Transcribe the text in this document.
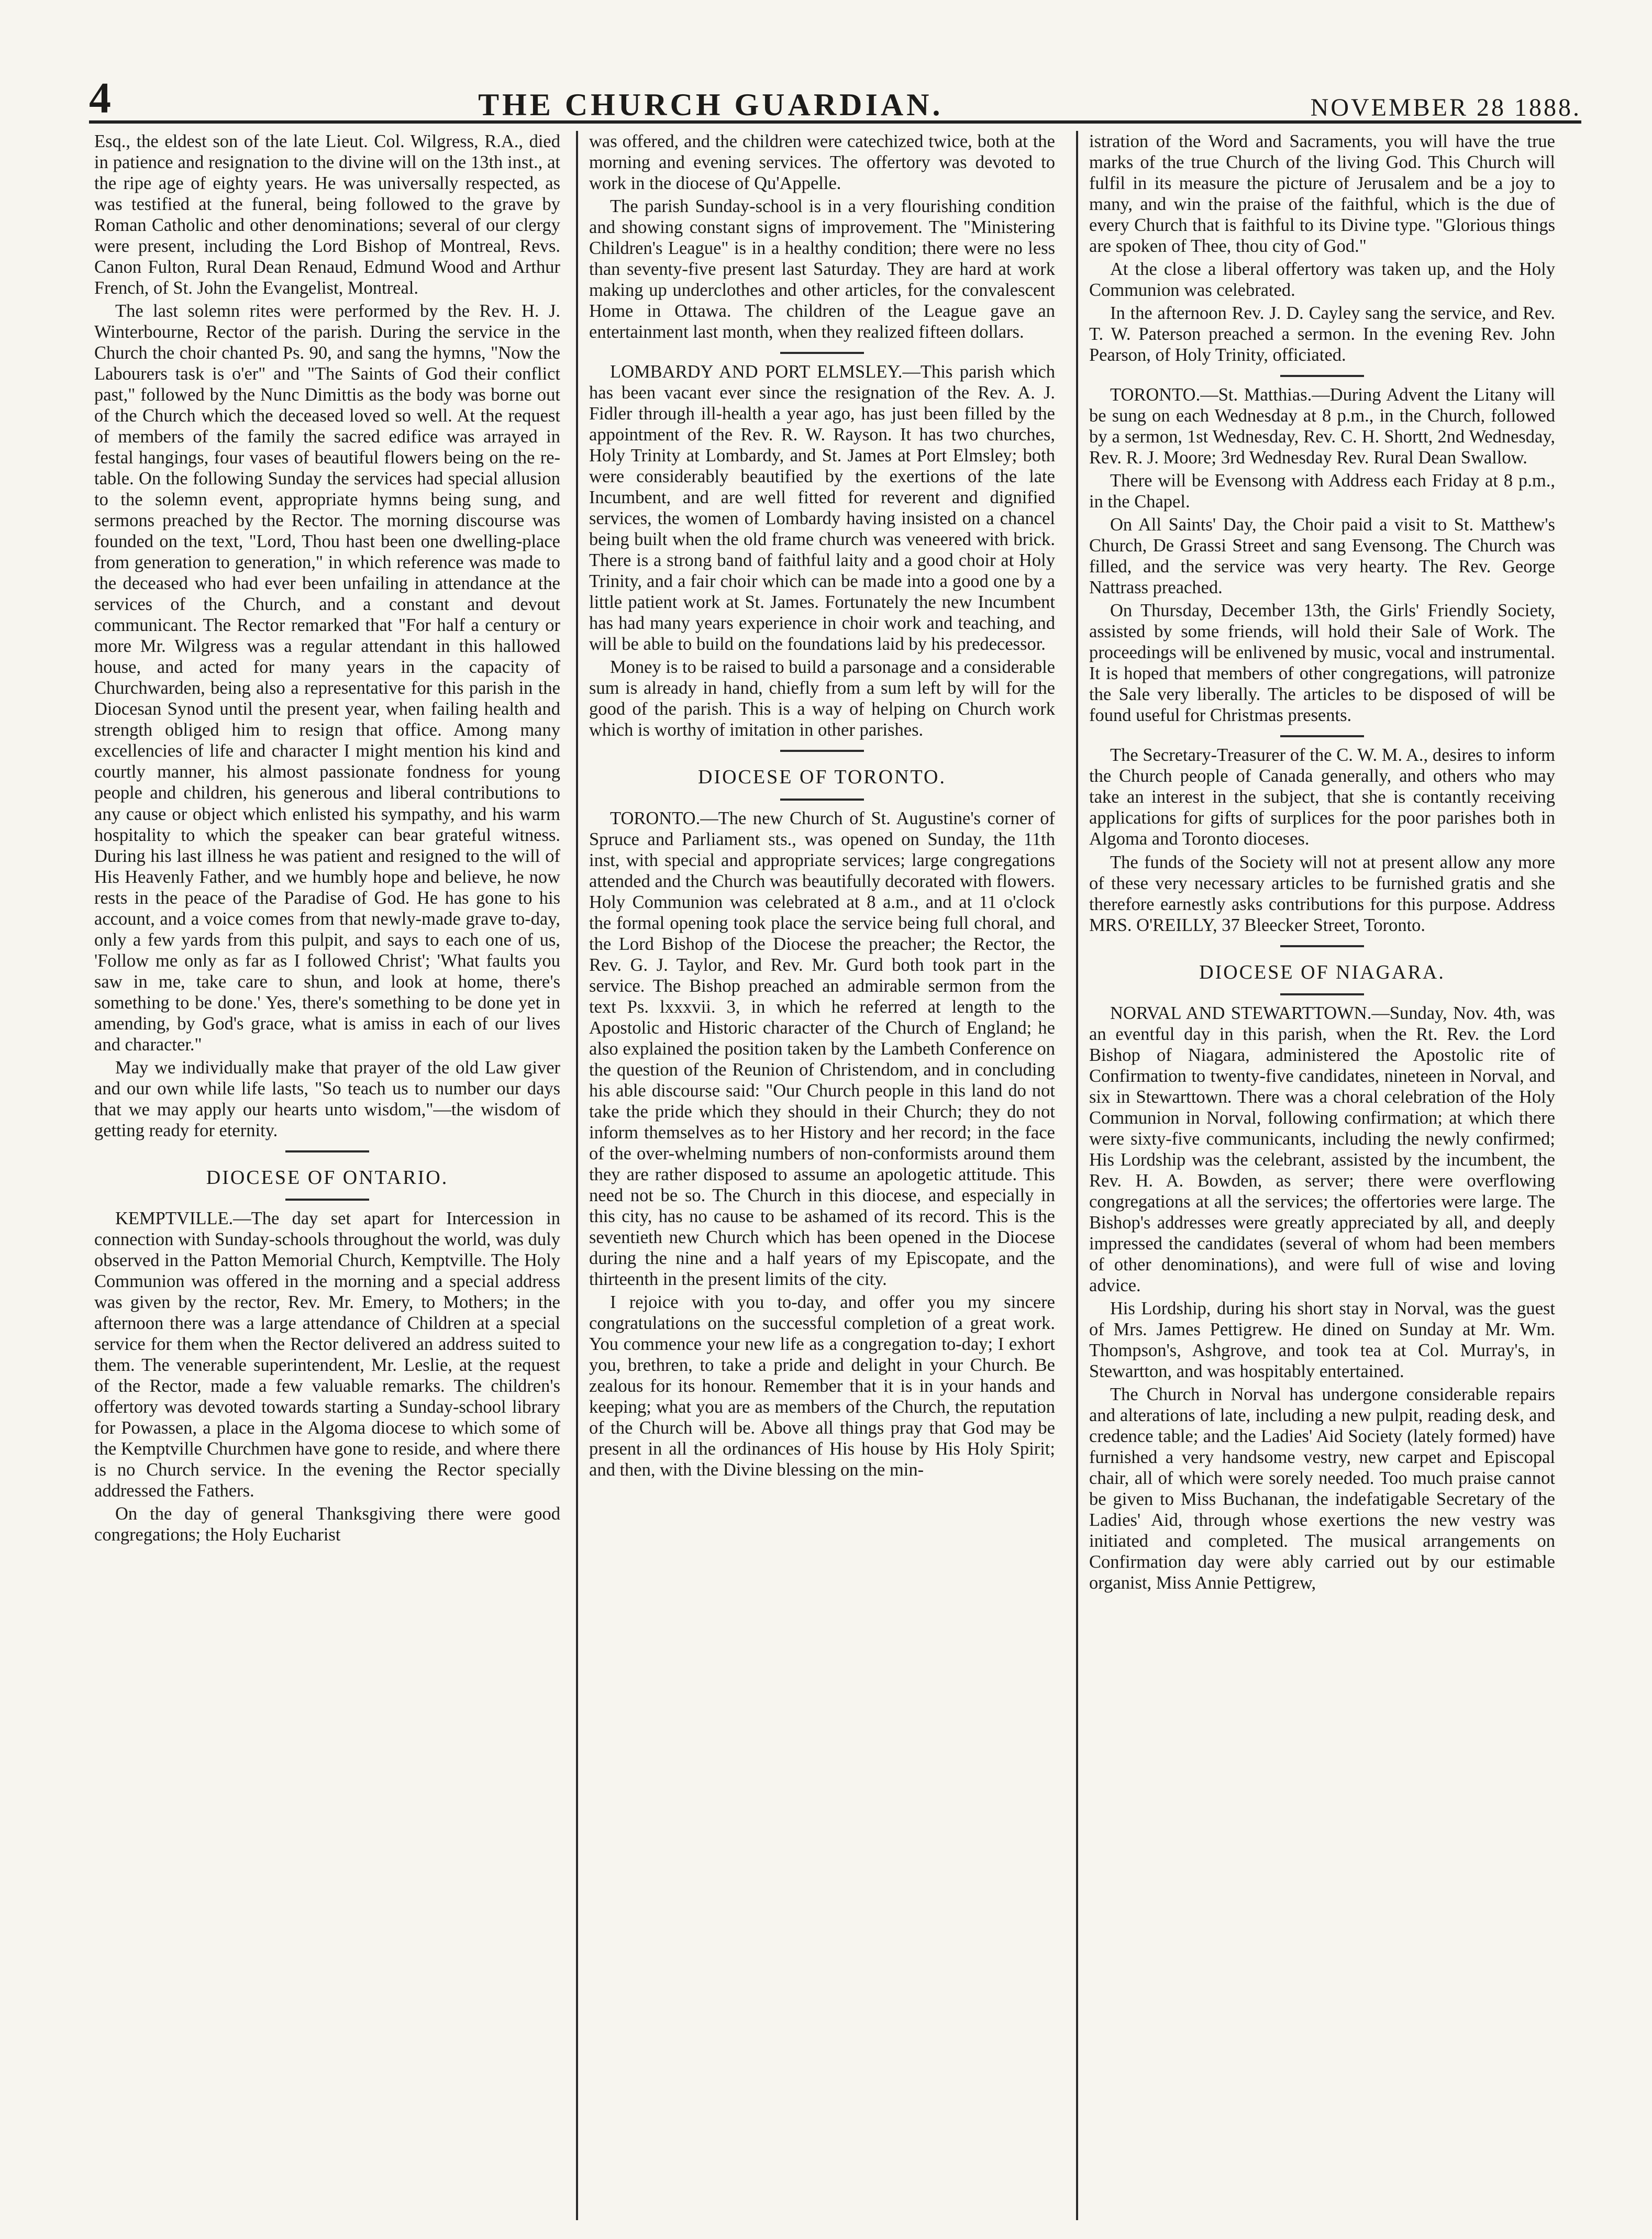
4	THE CHURCH GUARDIAN.	NOVEMBER 28 1888.

Esq., the eldest son of the late Lieut. Col. Wilgress, R.A., died in patience and resignation to the divine will on the 13th inst., at the ripe age of eighty years. He was universally respected, as was testified at the funeral, being followed to the grave by Roman Catholic and other denominations; several of our clergy were present, including the Lord Bishop of Montreal, Revs. Canon Fulton, Rural Dean Renaud, Edmund Wood and Arthur French, of St. John the Evangelist, Montreal.

The last solemn rites were performed by the Rev. H. J. Winterbourne, Rector of the parish. During the service in the Church the choir chanted Ps. 90, and sang the hymns, "Now the Labourers task is o'er" and "The Saints of God their conflict past," followed by the Nunc Dimittis as the body was borne out of the Church which the deceased loved so well. At the request of members of the family the sacred edifice was arrayed in festal hangings, four vases of beautiful flowers being on the re-table. On the following Sunday the services had special allusion to the solemn event, appropriate hymns being sung, and sermons preached by the Rector. The morning discourse was founded on the text, "Lord, Thou hast been one dwelling-place from generation to generation," in which reference was made to the deceased who had ever been unfailing in attendance at the services of the Church, and a constant and devout communicant. The Rector remarked that "For half a century or more Mr. Wilgress was a regular attendant in this hallowed house, and acted for many years in the capacity of Churchwarden, being also a representative for this parish in the Diocesan Synod until the present year, when failing health and strength obliged him to resign that office. Among many excellencies of life and character I might mention his kind and courtly manner, his almost passionate fondness for young people and children, his generous and liberal contributions to any cause or object which enlisted his sympathy, and his warm hospitality to which the speaker can bear grateful witness. During his last illness he was patient and resigned to the will of His Heavenly Father, and we humbly hope and believe, he now rests in the peace of the Paradise of God. He has gone to his account, and a voice comes from that newly-made grave to-day, only a few yards from this pulpit, and says to each one of us, 'Follow me only as far as I followed Christ'; 'What faults you saw in me, take care to shun, and look at home, there's something to be done.' Yes, there's something to be done yet in amending, by God's grace, what is amiss in each of our lives and character."

May we individually make that prayer of the old Law giver and our own while life lasts, "So teach us to number our days that we may apply our hearts unto wisdom,"—the wisdom of getting ready for eternity.

DIOCESE OF ONTARIO.

KEMPTVILLE.—The day set apart for Intercession in connection with Sunday-schools throughout the world, was duly observed in the Patton Memorial Church, Kemptville. The Holy Communion was offered in the morning and a special address was given by the rector, Rev. Mr. Emery, to Mothers; in the afternoon there was a large attendance of Children at a special service for them when the Rector delivered an address suited to them. The venerable superintendent, Mr. Leslie, at the request of the Rector, made a few valuable remarks. The children's offertory was devoted towards starting a Sunday-school library for Powassen, a place in the Algoma diocese to which some of the Kemptville Churchmen have gone to reside, and where there is no Church service. In the evening the Rector specially addressed the Fathers.

On the day of general Thanksgiving there were good congregations; the Holy Eucharist

was offered, and the children were catechized twice, both at the morning and evening services. The offertory was devoted to work in the diocese of Qu'Appelle.

The parish Sunday-school is in a very flourishing condition and showing constant signs of improvement. The "Ministering Children's League" is in a healthy condition; there were no less than seventy-five present last Saturday. They are hard at work making up underclothes and other articles, for the convalescent Home in Ottawa. The children of the League gave an entertainment last month, when they realized fifteen dollars.

LOMBARDY AND PORT ELMSLEY.—This parish which has been vacant ever since the resignation of the Rev. A. J. Fidler through ill-health a year ago, has just been filled by the appointment of the Rev. R. W. Rayson. It has two churches, Holy Trinity at Lombardy, and St. James at Port Elmsley; both were considerably beautified by the exertions of the late Incumbent, and are well fitted for reverent and dignified services, the women of Lombardy having insisted on a chancel being built when the old frame church was veneered with brick. There is a strong band of faithful laity and a good choir at Holy Trinity, and a fair choir which can be made into a good one by a little patient work at St. James. Fortunately the new Incumbent has had many years experience in choir work and teaching, and will be able to build on the foundations laid by his predecessor.

Money is to be raised to build a parsonage and a considerable sum is already in hand, chiefly from a sum left by will for the good of the parish. This is a way of helping on Church work which is worthy of imitation in other parishes.

DIOCESE OF TORONTO.

TORONTO.—The new Church of St. Augustine's corner of Spruce and Parliament sts., was opened on Sunday, the 11th inst, with special and appropriate services; large congregations attended and the Church was beautifully decorated with flowers. Holy Communion was celebrated at 8 a.m., and at 11 o'clock the formal opening took place the service being full choral, and the Lord Bishop of the Diocese the preacher; the Rector, the Rev. G. J. Taylor, and Rev. Mr. Gurd both took part in the service. The Bishop preached an admirable sermon from the text Ps. lxxxvii. 3, in which he referred at length to the Apostolic and Historic character of the Church of England; he also explained the position taken by the Lambeth Conference on the question of the Reunion of Christendom, and in concluding his able discourse said: "Our Church people in this land do not take the pride which they should in their Church; they do not inform themselves as to her History and her record; in the face of the over-whelming numbers of non-conformists around them they are rather disposed to assume an apologetic attitude. This need not be so. The Church in this diocese, and especially in this city, has no cause to be ashamed of its record. This is the seventieth new Church which has been opened in the Diocese during the nine and a half years of my Episcopate, and the thirteenth in the present limits of the city.

I rejoice with you to-day, and offer you my sincere congratulations on the successful completion of a great work. You commence your new life as a congregation to-day; I exhort you, brethren, to take a pride and delight in your Church. Be zealous for its honour. Remember that it is in your hands and keeping; what you are as members of the Church, the reputation of the Church will be. Above all things pray that God may be present in all the ordinances of His house by His Holy Spirit; and then, with the Divine blessing on the min-

istration of the Word and Sacraments, you will have the true marks of the true Church of the living God. This Church will fulfil in its measure the picture of Jerusalem and be a joy to many, and win the praise of the faithful, which is the due of every Church that is faithful to its Divine type. "Glorious things are spoken of Thee, thou city of God."

At the close a liberal offertory was taken up, and the Holy Communion was celebrated.

In the afternoon Rev. J. D. Cayley sang the service, and Rev. T. W. Paterson preached a sermon. In the evening Rev. John Pearson, of Holy Trinity, officiated.

TORONTO.—St. Matthias.—During Advent the Litany will be sung on each Wednesday at 8 p.m., in the Church, followed by a sermon, 1st Wednesday, Rev. C. H. Shortt, 2nd Wednesday, Rev. R. J. Moore; 3rd Wednesday Rev. Rural Dean Swallow.

There will be Evensong with Address each Friday at 8 p.m., in the Chapel.

On All Saints' Day, the Choir paid a visit to St. Matthew's Church, De Grassi Street and sang Evensong. The Church was filled, and the service was very hearty. The Rev. George Nattrass preached.

On Thursday, December 13th, the Girls' Friendly Society, assisted by some friends, will hold their Sale of Work. The proceedings will be enlivened by music, vocal and instrumental. It is hoped that members of other congregations, will patronize the Sale very liberally. The articles to be disposed of will be found useful for Christmas presents.

The Secretary-Treasurer of the C. W. M. A., desires to inform the Church people of Canada generally, and others who may take an interest in the subject, that she is contantly receiving applications for gifts of surplices for the poor parishes both in Algoma and Toronto dioceses.

The funds of the Society will not at present allow any more of these very necessary articles to be furnished gratis and she therefore earnestly asks contributions for this purpose. Address MRS. O'REILLY, 37 Bleecker Street, Toronto.

DIOCESE OF NIAGARA.

NORVAL AND STEWARTTOWN.—Sunday, Nov. 4th, was an eventful day in this parish, when the Rt. Rev. the Lord Bishop of Niagara, administered the Apostolic rite of Confirmation to twenty-five candidates, nineteen in Norval, and six in Stewarttown. There was a choral celebration of the Holy Communion in Norval, following confirmation; at which there were sixty-five communicants, including the newly confirmed; His Lordship was the celebrant, assisted by the incumbent, the Rev. H. A. Bowden, as server; there were overflowing congregations at all the services; the offertories were large. The Bishop's addresses were greatly appreciated by all, and deeply impressed the candidates (several of whom had been members of other denominations), and were full of wise and loving advice.

His Lordship, during his short stay in Norval, was the guest of Mrs. James Pettigrew. He dined on Sunday at Mr. Wm. Thompson's, Ashgrove, and took tea at Col. Murray's, in Stewartton, and was hospitably entertained.

The Church in Norval has undergone considerable repairs and alterations of late, including a new pulpit, reading desk, and credence table; and the Ladies' Aid Society (lately formed) have furnished a very handsome vestry, new carpet and Episcopal chair, all of which were sorely needed. Too much praise cannot be given to Miss Buchanan, the indefatigable Secretary of the Ladies' Aid, through whose exertions the new vestry was initiated and completed. The musical arrangements on Confirmation day were ably carried out by our estimable organist, Miss Annie Pettigrew,
